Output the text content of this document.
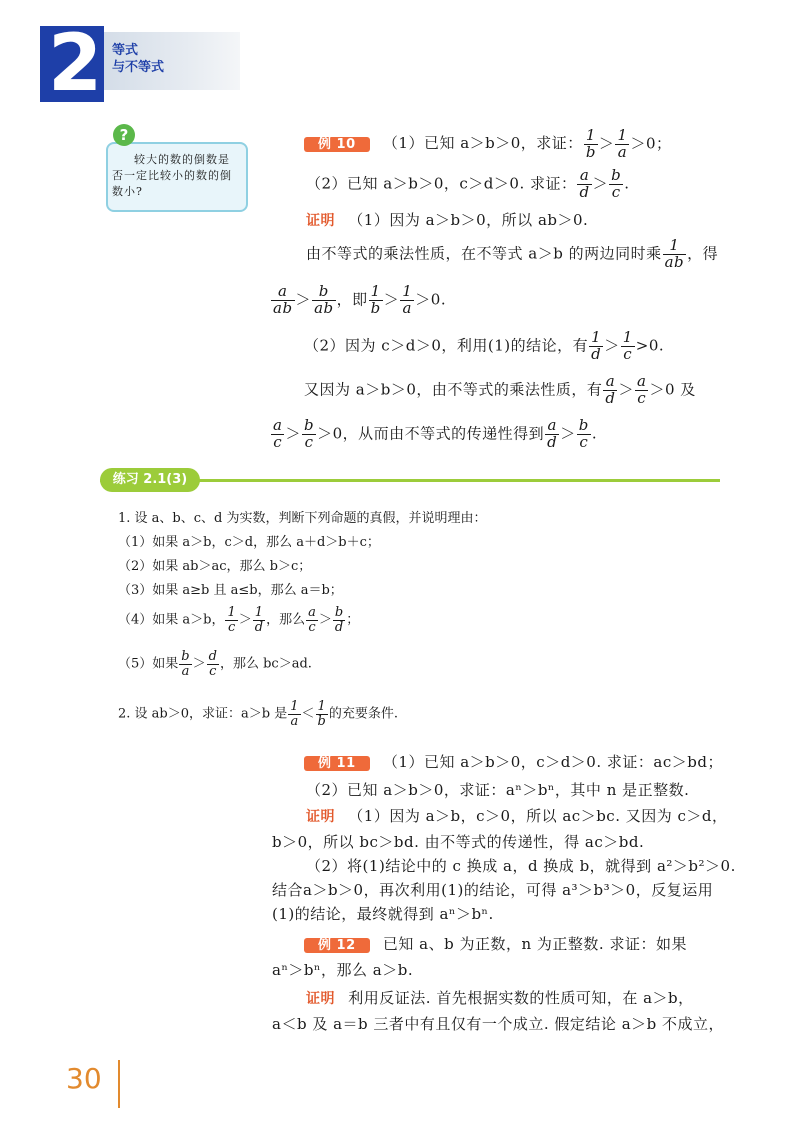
2 等式
与不等式
?
较大的数的倒数是否一定比较小的数的倒数小?
例 10 （1）已知 a＞b＞0，求证： $\frac{1}{b} > \frac{1}{a} >0$；
（2）已知 a＞b＞0，c＞d＞0. 求证： $\frac{a}{d} > \frac{b}{c}$ .
证明 （1）因为 a＞b＞0，所以 ab＞0.
由不等式的乘法性质，在不等式 a＞b 的两边同时乘 $\frac{1}{ab}$ ，得
$\frac{a}{ab} > \frac{b}{ab}$ ，即 $\frac{1}{b} > \frac{1}{a} >0$.
（2）因为 c＞d＞0，利用(1)的结论，有 $\frac{1}{d} > \frac{1}{c} >0$.
又因为 a＞b＞0，由不等式的乘法性质，有 $\frac{a}{d} > \frac{a}{c} >0$ 及
$\frac{a}{c} > \frac{b}{c} >0$，从而由不等式的传递性得到 $\frac{a}{d} > \frac{b}{c}$ .
练习 2.1(3)
1. 设 a、b、c、d 为实数，判断下列命题的真假，并说明理由：
（1）如果 a＞b，c＞d，那么 a＋d＞b＋c；
（2）如果 ab＞ac，那么 b＞c；
（3）如果 a≥b 且 a≤b，那么 a＝b；
（4）如果 a＞b， $\frac{1}{c} > \frac{1}{d}$ ，那么 $\frac{a}{c} > \frac{b}{d}$ ；
（5）如果 $\frac{b}{a} > \frac{d}{c}$ ，那么 bc＞ad.
2. 设 ab＞0，求证：a＞b 是 $\frac{1}{a} < \frac{1}{b}$ 的充要条件.
例 11 （1）已知 a＞b＞0，c＞d＞0. 求证：ac＞bd；
（2）已知 a＞b＞0，求证：aⁿ＞bⁿ，其中 n 是正整数.
证明 （1）因为 a＞b，c＞0，所以 ac＞bc. 又因为 c＞d，
b＞0，所以 bc＞bd. 由不等式的传递性，得 ac＞bd.
（2）将(1)结论中的 c 换成 a，d 换成 b，就得到 a²＞b²＞0.
结合a＞b＞0，再次利用(1)的结论，可得 a³＞b³＞0，反复运用
(1)的结论，最终就得到 aⁿ＞bⁿ.
例 12 已知 a、b 为正数，n 为正整数. 求证：如果
aⁿ＞bⁿ，那么 a＞b.
证明 利用反证法. 首先根据实数的性质可知，在 a＞b，
a＜b 及 a＝b 三者中有且仅有一个成立. 假定结论 a＞b 不成立，
30
